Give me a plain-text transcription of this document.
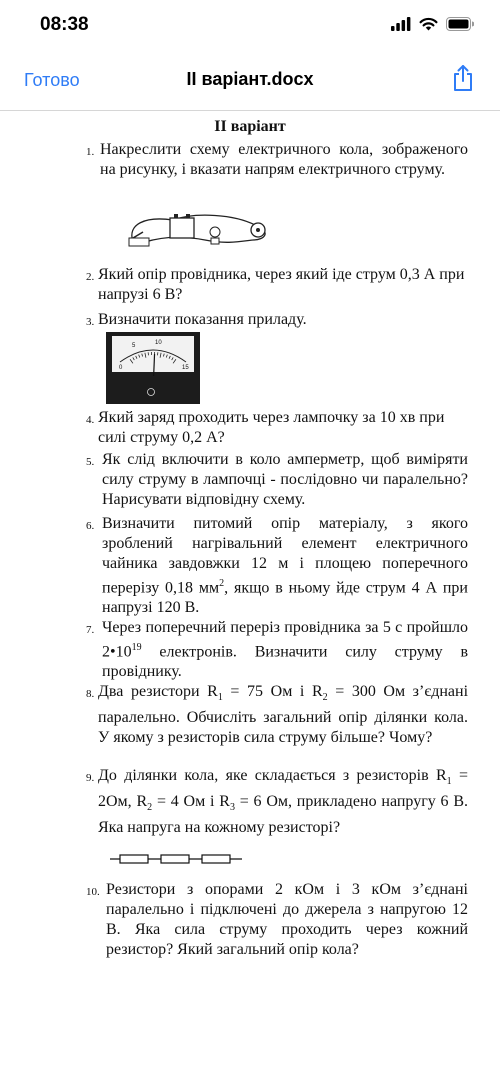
08:38
Готово	ІІ варіант.docx
ІІ варіант
1. Накреслити схему електричного кола, зображеного на рисунку, і вказати напрям електричного струму.
2. Який опір провідника, через який іде струм 0,3 А при напрузі 6 В?
3. Визначити показання приладу.
0
5	10
15
4. Який заряд проходить через лампочку за 10 хв при силі струму 0,2 А?
5. Як слід включити в коло амперметр, щоб виміряти силу струму в лампочці - послідовно чи паралельно? Нарисувати відповідну схему.
6. Визначити питомий опір матеріалу, з якого зроблений нагрівальний елемент електричного чайника завдовжки 12 м і площею поперечного перерізу 0,18 $мм^2$, якщо в ньому йде струм 4 А при напрузі 120 В.
7. Через поперечний переріз провідника за 5 с пройшло $2•10^{19}$ електронів. Визначити силу струму в провіднику.
8. Два резистори $R_1 = 75$ Ом і $R_2 = 300$ Ом з’єднані паралельно. Обчисліть загальний опір ділянки кола. У якому з резисторів сила струму більше? Чому?
9. До ділянки кола, яке складається з резисторів $R_1 = 2Ом$, $R_2 = 4$ Ом і $R_3 = 6$ Ом, прикладено напругу 6 В. Яка напруга на кожному резисторі?
10. Резистори з опорами 2 кОм і 3 кОм з’єднані паралельно і підключені до джерела з напругою 12 В. Яка сила струму проходить через кожний резистор? Який загальний опір кола?
